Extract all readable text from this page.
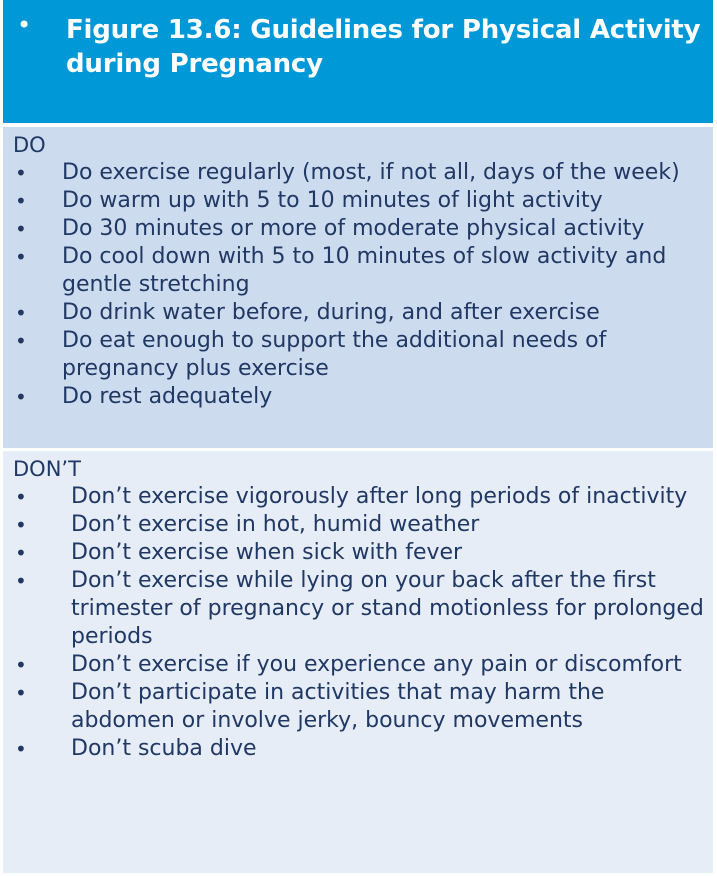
• Figure 13.6: Guidelines for Physical Activity during Pregnancy
DO
• Do exercise regularly (most, if not all, days of the week)
• Do warm up with 5 to 10 minutes of light activity
• Do 30 minutes or more of moderate physical activity
• Do cool down with 5 to 10 minutes of slow activity and gentle stretching
• Do drink water before, during, and after exercise
• Do eat enough to support the additional needs of pregnancy plus exercise
• Do rest adequately
DON’T
• Don’t exercise vigorously after long periods of inactivity
• Don’t exercise in hot, humid weather
• Don’t exercise when sick with fever
• Don’t exercise while lying on your back after the first trimester of pregnancy or stand motionless for prolonged periods
• Don’t exercise if you experience any pain or discomfort
• Don’t participate in activities that may harm the abdomen or involve jerky, bouncy movements
• Don’t scuba dive
